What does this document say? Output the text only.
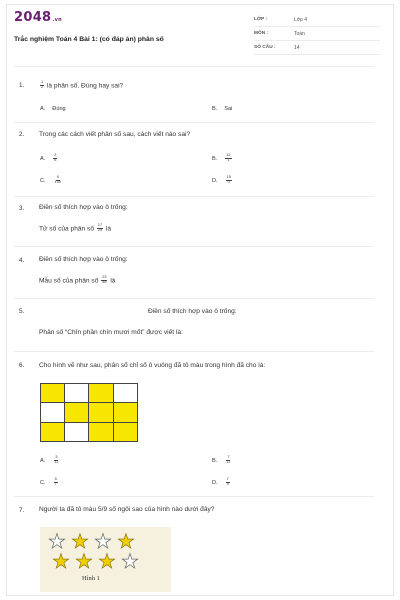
2048.vn
Trắc nghiệm Toán 4 Bài 1: (có đáp án) phân số
LỚP :	Lớp 4
MÔN :	Toán
SỐ CÂU :	14
1.	$\frac{1}{2}$ là phân số. Đúng hay sai?
A. Đúng	B. Sai
2. Trong các cách viết phân số sau, cách viết nào sai?
A. $\frac{2}{5}$	B. $\frac{12}{1}$
C. $\frac{9}{100}$	D. $\frac{15}{0}$
3. Điền số thích hợp vào ô trống:
Tử số của phân số $\frac{17}{25}$ là
4. Điền số thích hợp vào ô trống:
Mẫu số của phân số $\frac{23}{48}$ là
5.	Điền số thích hợp vào ô trống:
Phân số “Chín phần chín mươi mốt” được viết là:
6. Cho hình vẽ như sau, phân số chỉ số ô vuông đã tô màu trong hình đã cho là:

A. $\frac{3}{12}$	B. $\frac{7}{12}$
C. $\frac{5}{7}$	D. $\frac{7}{5}$
7. Người ta đã tô màu 5/9 số ngôi sao của hình nào dưới đây?
★ ★ ★ ★
★ ★ ★ ★
Hình 1
